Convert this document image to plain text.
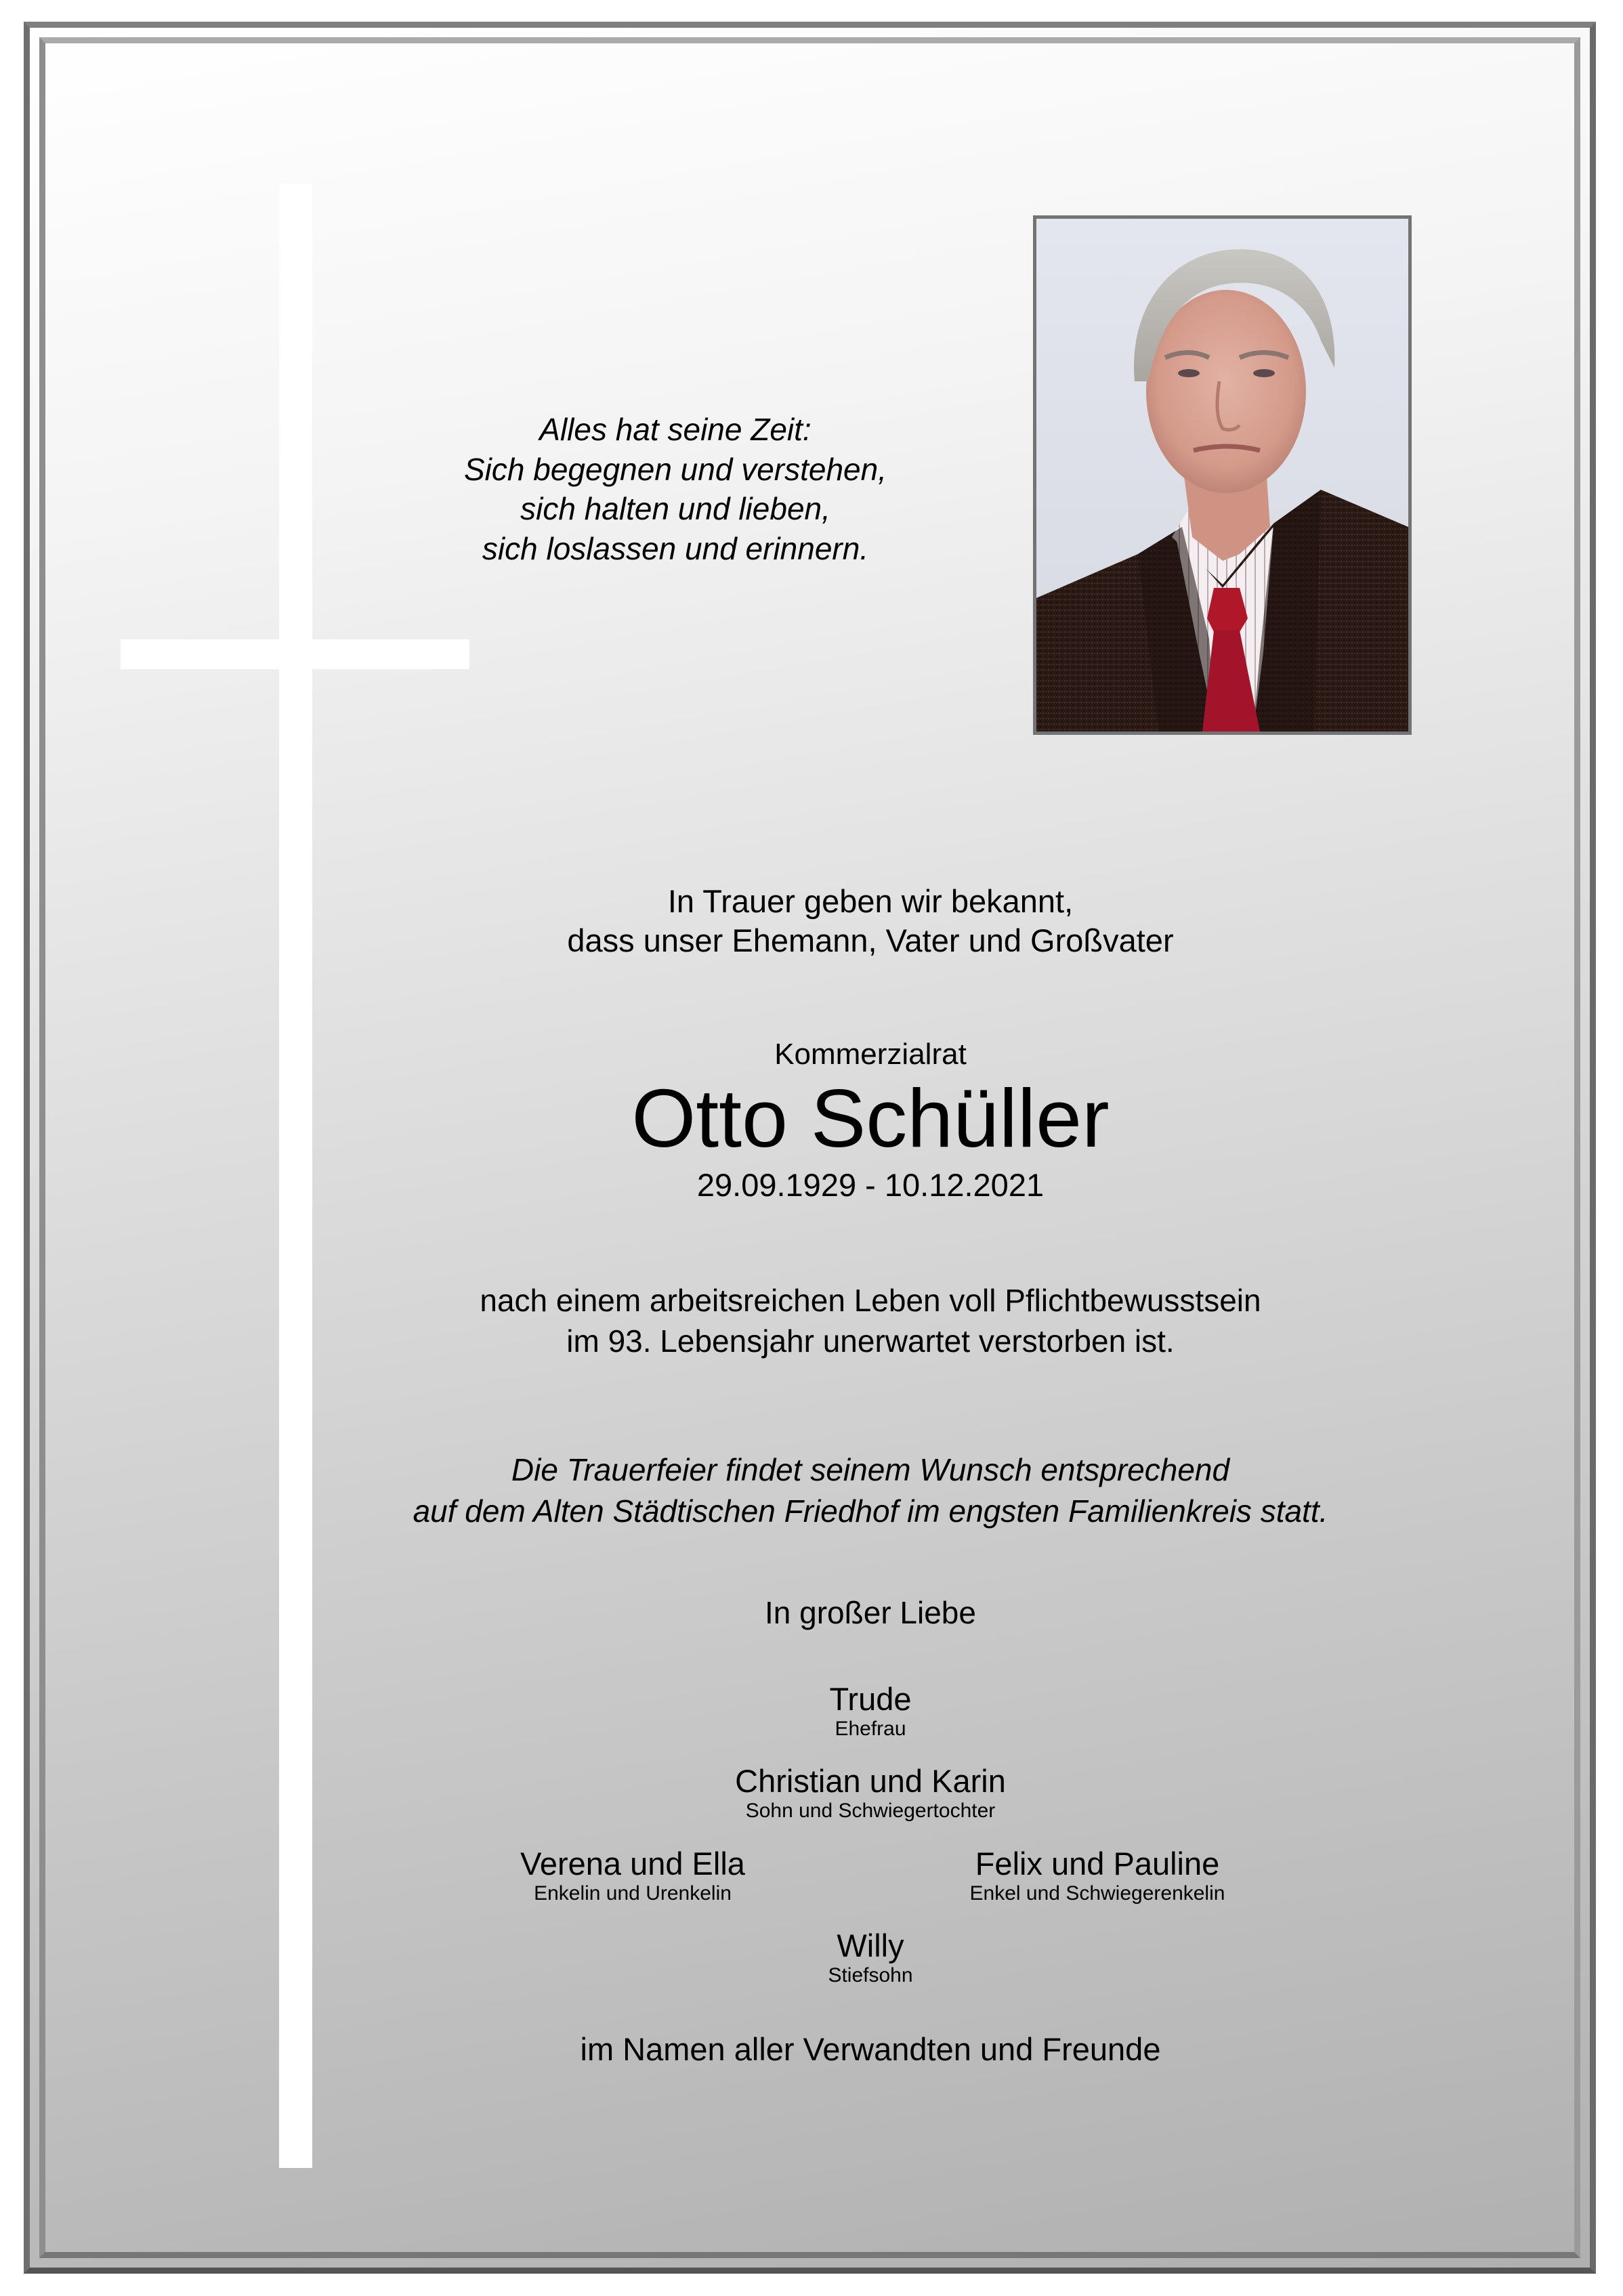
Alles hat seine Zeit:
Sich begegnen und verstehen,
sich halten und lieben,
sich loslassen und erinnern.
In Trauer geben wir bekannt,
dass unser Ehemann, Vater und Großvater
Kommerzialrat
Otto Schüller
29.09.1929 - 10.12.2021
nach einem arbeitsreichen Leben voll Pflichtbewusstsein
im 93. Lebensjahr unerwartet verstorben ist.
Die Trauerfeier findet seinem Wunsch entsprechend
auf dem Alten Städtischen Friedhof im engsten Familienkreis statt.
In großer Liebe
Trude
Ehefrau
Christian und Karin
Sohn und Schwiegertochter
Verena und Ella
Enkelin und Urenkelin
Felix und Pauline
Enkel und Schwiegerenkelin
Willy
Stiefsohn
im Namen aller Verwandten und Freunde
